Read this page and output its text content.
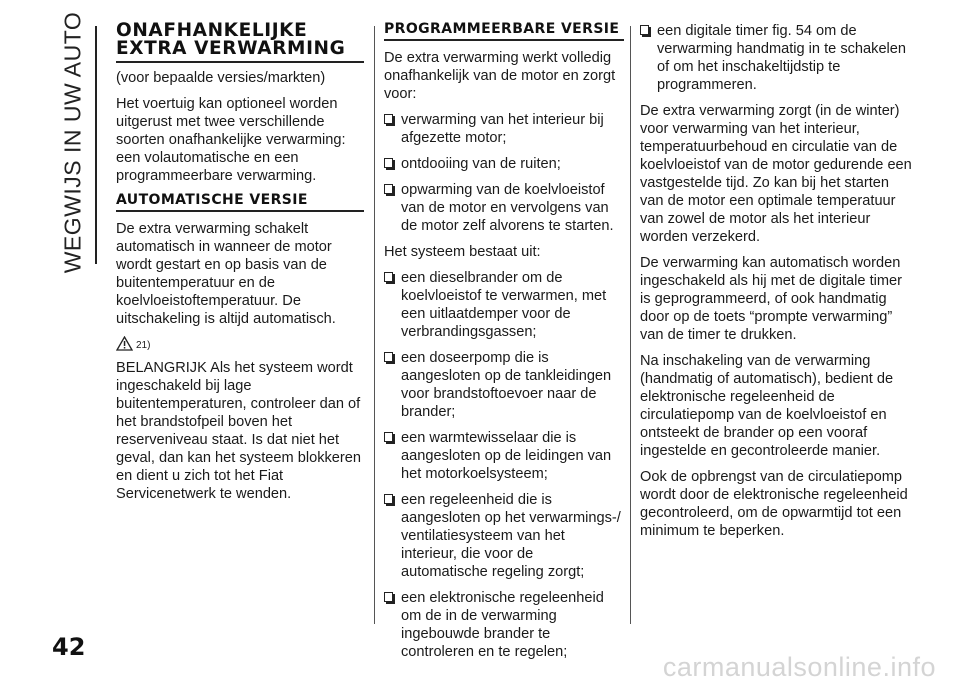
WEGWIJS IN UW AUTO
42
ONAFHANKELIJKE EXTRA VERWARMING

(voor bepaalde versies/markten)

Het voertuig kan optioneel worden uitgerust met twee verschillende soorten onafhankelijke verwarming: een volautomatische en een programmeerbare verwarming.

AUTOMATISCHE VERSIE

De extra verwarming schakelt automatisch in wanneer de motor wordt gestart en op basis van de buitentemperatuur en de koelvloeistoftemperatuur. De uitschakeling is altijd automatisch.

21)

BELANGRIJK Als het systeem wordt ingeschakeld bij lage buitentemperaturen, controleer dan of het brandstofpeil boven het reserveniveau staat. Is dat niet het geval, dan kan het systeem blokkeren en dient u zich tot het Fiat Servicenetwerk te wenden.

PROGRAMMEERBARE VERSIE

De extra verwarming werkt volledig onafhankelijk van de motor en zorgt voor:

verwarming van het interieur bij afgezette motor;
ontdooiing van de ruiten;
opwarming van de koelvloeistof van de motor en vervolgens van de motor zelf alvorens te starten.

Het systeem bestaat uit:

een dieselbrander om de koelvloeistof te verwarmen, met een uitlaatdemper voor de verbrandingsgassen;
een doseerpomp die is aangesloten op de tankleidingen voor brandstoftoevoer naar de brander;
een warmtewisselaar die is aangesloten op de leidingen van het motorkoelsysteem;
een regeleenheid die is aangesloten op het verwarmings-/ ventilatiesysteem van het interieur, die voor de automatische regeling zorgt;
een elektronische regeleenheid om de in de verwarming ingebouwde brander te controleren en te regelen;
een digitale timer fig. 54 om de verwarming handmatig in te schakelen of om het inschakeltijdstip te programmeren.

De extra verwarming zorgt (in de winter) voor verwarming van het interieur, temperatuurbehoud en circulatie van de koelvloeistof van de motor gedurende een vastgestelde tijd. Zo kan bij het starten van de motor een optimale temperatuur van zowel de motor als het interieur worden verzekerd.

De verwarming kan automatisch worden ingeschakeld als hij met de digitale timer is geprogrammeerd, of ook handmatig door op de toets “prompte verwarming” van de timer te drukken.

Na inschakeling van de verwarming (handmatig of automatisch), bedient de elektronische regeleenheid de circulatiepomp van de koelvloeistof en ontsteekt de brander op een vooraf ingestelde en gecontroleerde manier.

Ook de opbrengst van de circulatiepomp wordt door de elektronische regeleenheid gecontroleerd, om de opwarmtijd tot een minimum te beperken.

carmanualsonline.info
